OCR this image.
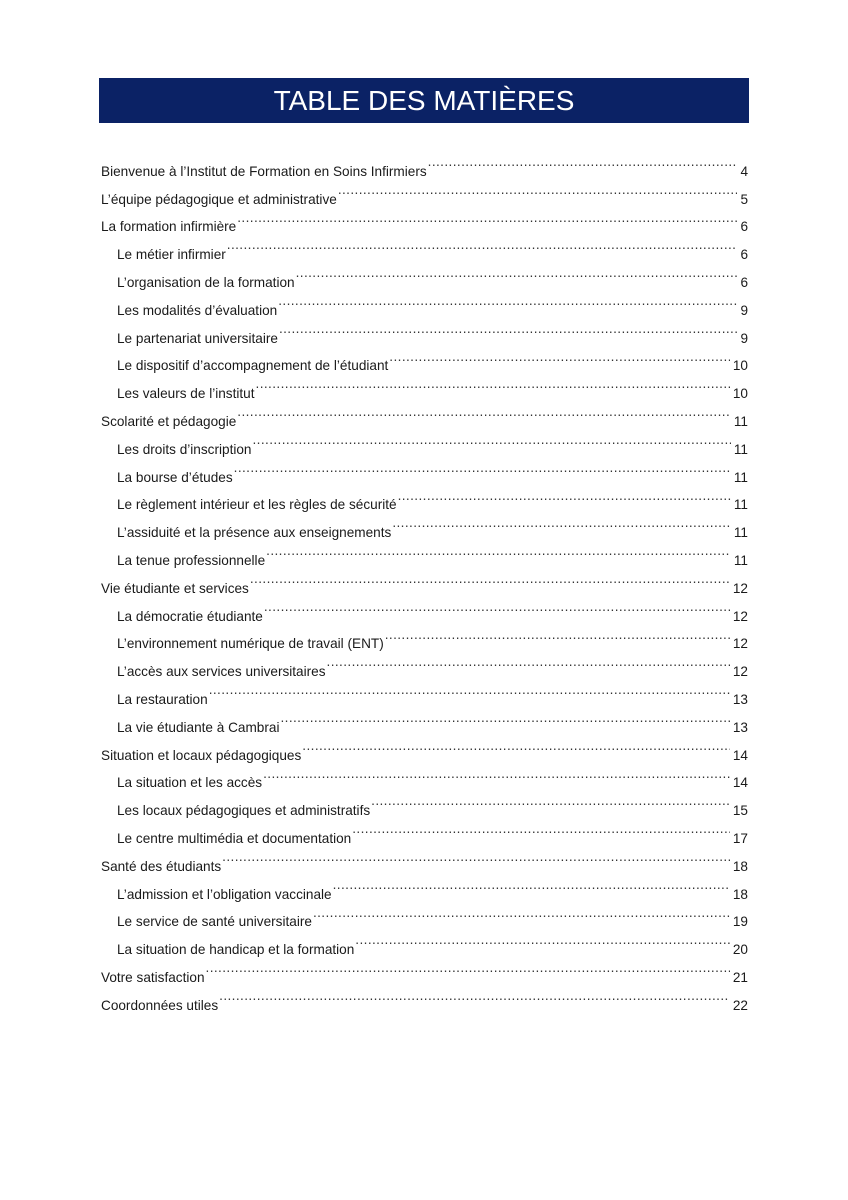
TABLE DES MATIÈRES
Bienvenue à l’Institut de Formation en Soins Infirmiers .....	4
L’équipe pédagogique et administrative .....	5
La formation infirmière .....	6
Le métier infirmier .....	6
L’organisation de la formation .....	6
Les modalités d’évaluation .....	9
Le partenariat universitaire .....	9
Le dispositif d’accompagnement de l’étudiant .....	10
Les valeurs de l’institut .....	10
Scolarité et pédagogie .....	11
Les droits d’inscription .....	11
La bourse d’études .....	11
Le règlement intérieur et les règles de sécurité .....	11
L’assiduité et la présence aux enseignements .....	11
La tenue professionnelle .....	11
Vie étudiante et services .....	12
La démocratie étudiante .....	12
L’environnement numérique de travail (ENT) .....	12
L’accès aux services universitaires .....	12
La restauration .....	13
La vie étudiante à Cambrai .....	13
Situation et locaux pédagogiques .....	14
La situation et les accès .....	14
Les locaux pédagogiques et administratifs .....	15
Le centre multimédia et documentation .....	17
Santé des étudiants .....	18
L’admission et l’obligation vaccinale .....	18
Le service de santé universitaire .....	19
La situation de handicap et la formation .....	20
Votre satisfaction .....	21
Coordonnées utiles .....	22
